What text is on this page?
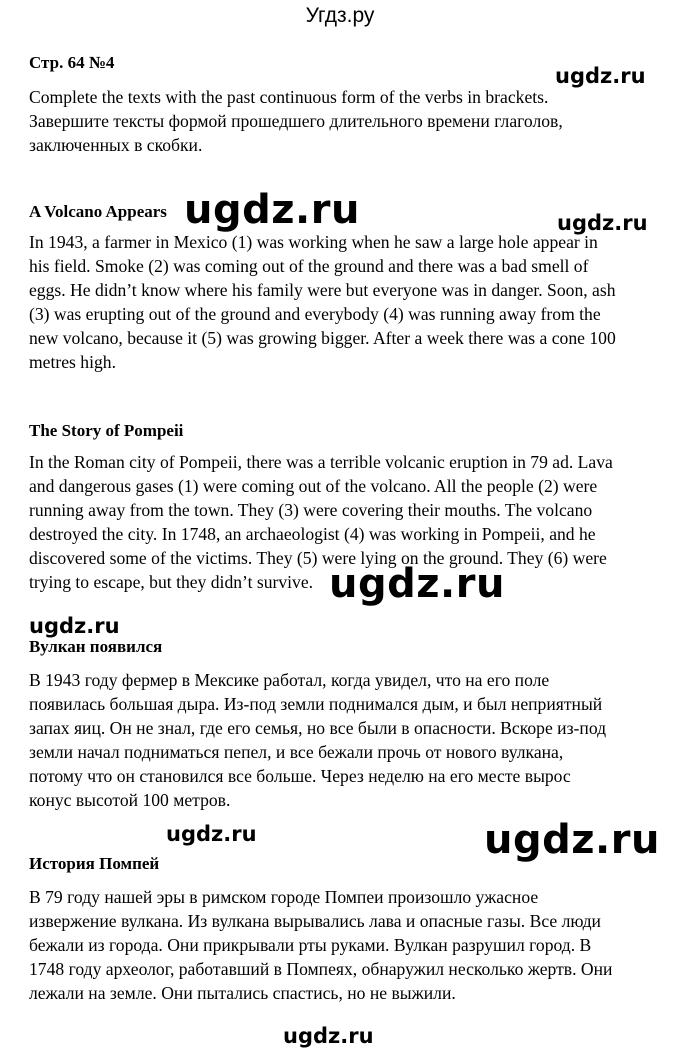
Угдз.ру
Стр. 64 №4
Complete the texts with the past continuous form of the verbs in brackets.
Завершите тексты формой прошедшего длительного времени глаголов,
заключенных в скобки.
A Volcano Appears
In 1943, a farmer in Mexico (1) was working when he saw a large hole appear in
his field. Smoke (2) was coming out of the ground and there was a bad smell of
eggs. He didn’t know where his family were but everyone was in danger. Soon, ash
(3) was erupting out of the ground and everybody (4) was running away from the
new volcano, because it (5) was growing bigger. After a week there was a cone 100
metres high.
The Story of Pompeii
In the Roman city of Pompeii, there was a terrible volcanic eruption in 79 ad. Lava
and dangerous gases (1) were coming out of the volcano. All the people (2) were
running away from the town. They (3) were covering their mouths. The volcano
destroyed the city. In 1748, an archaeologist (4) was working in Pompeii, and he
discovered some of the victims. They (5) were lying on the ground. They (6) were
trying to escape, but they didn’t survive.
Вулкан появился
В 1943 году фермер в Мексике работал, когда увидел, что на его поле
появилась большая дыра. Из-под земли поднимался дым, и был неприятный
запах яиц. Он не знал, где его семья, но все были в опасности. Вскоре из-под
земли начал подниматься пепел, и все бежали прочь от нового вулкана,
потому что он становился все больше. Через неделю на его месте вырос
конус высотой 100 метров.
История Помпей
В 79 году нашей эры в римском городе Помпеи произошло ужасное
извержение вулкана. Из вулкана вырывались лава и опасные газы. Все люди
бежали из города. Они прикрывали рты руками. Вулкан разрушил город. В
1748 году археолог, работавший в Помпеях, обнаружил несколько жертв. Они
лежали на земле. Они пытались спастись, но не выжили.
ugdz.ru
ugdz.ru	ugdz.ru
ugdz.ru
ugdz.ru
ugdz.ru	ugdz.ru
ugdz.ru
